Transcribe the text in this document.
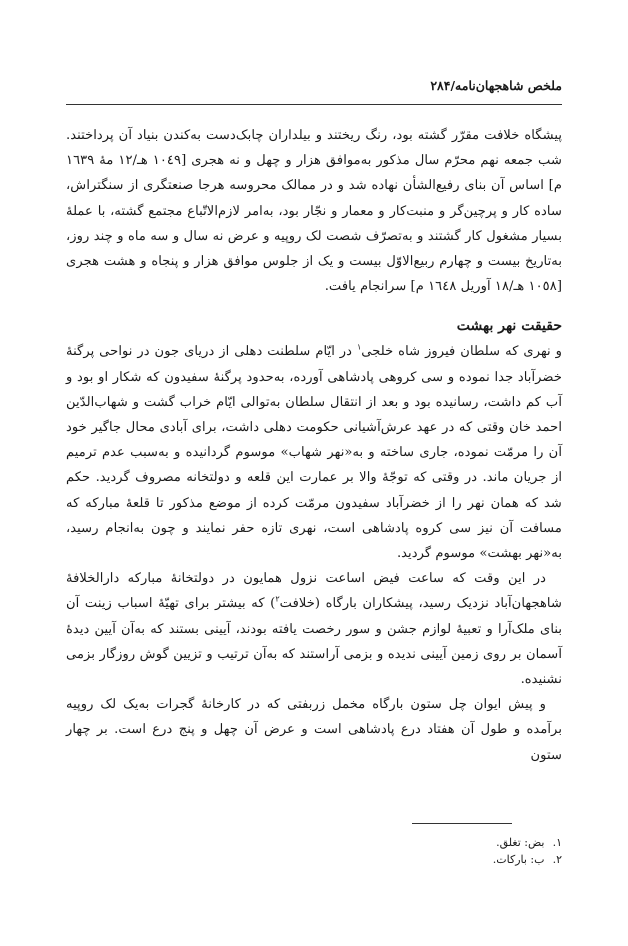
ملخص شاهجهان‌نامه/۲۸۴

پیشگاه خلافت مقرّر گشته بود، رنگ ریختند و بیلداران چابک‌دست به‌کندن بنیاد آن پرداختند. شب جمعه نهم محرّم سال مذکور به‌موافق هزار و چهل و نه هجری [١٠٤٩ هـ/١٢ مهٔ ١٦٣٩ م] اساس آن بنای رفیع‌الشأن نهاده شد و در ممالک محروسه هرجا صنعتگری از سنگتراش، ساده کار و پرچین‌گر و منبت‌کار و معمار و نجّار بود، به‌امر لازم‌الاتّباع مجتمع گشته، با عملهٔ بسیار مشغول کار گشتند و به‌تصرّف شصت لک روپیه و عرض نه سال و سه ماه و چند روز، به‌تاریخ بیست و چهارم ربیع‌الاوّل بیست و یک از جلوس موافق هزار و پنجاه و هشت هجری [١٠٥٨ هـ/١٨ آوریل ١٦٤٨ م] سرانجام یافت.

حقیقت نهر بهشت

و نهری که سلطان فیروز شاه خلجی$^١$ در ایّام سلطنت دهلی از دریای جون در نواحی پرگنهٔ خضرآباد جدا نموده و سی کروهی پادشاهی آورده، به‌حدود پرگنهٔ سفیدون که شکار او بود و آب کم داشت، رسانیده بود و بعد از انتقال سلطان به‌توالی ایّام خراب گشت و شهاب‌الدّین احمد خان وقتی که در عهد عرش‌آشیانی حکومت دهلی داشت، برای آبادی محال جاگیر خود آن را مرمّت نموده، جاری ساخته و به«نهر شهاب» موسوم گردانیده و به‌سبب عدم ترمیم از جریان ماند. در وقتی که توجّهٔ والا بر عمارت این قلعه و دولتخانه مصروف گردید. حکم شد که همان نهر را از خضرآباد سفیدون مرمّت کرده از موضع مذکور تا قلعهٔ مبارکه که مسافت آن نیز سی کروه پادشاهی است، نهری تازه حفر نمایند و چون به‌انجام رسید، به«نهر بهشت» موسوم گردید.

در این وقت که ساعت فیض اساعت نزول همایون در دولتخانهٔ مبارکه دارالخلافهٔ شاهجهان‌آباد نزدیک رسید، پیشکاران بارگاه (خلافت$^٢$) که بیشتر برای تهیّهٔ اسباب زینت آن بنای ملک‌آرا و تعبیهٔ لوازم جشن و سور رخصت یافته بودند، آیینی بستند که به‌آن آیین دیدهٔ آسمان بر روی زمین آیینی ندیده و بزمی آراستند که به‌آن ترتیب و تزیین گوش روزگار بزمی نشنیده.

و پیش ایوان چل ستون بارگاه مخمل زربفتی که در کارخانهٔ گجرات به‌یک لک روپیه برآمده و طول آن هفتاد درع پادشاهی است و عرض آن چهل و پنج درع است. بر چهار ستون

١. بض: تغلق.

٢. ب: بارکات.
